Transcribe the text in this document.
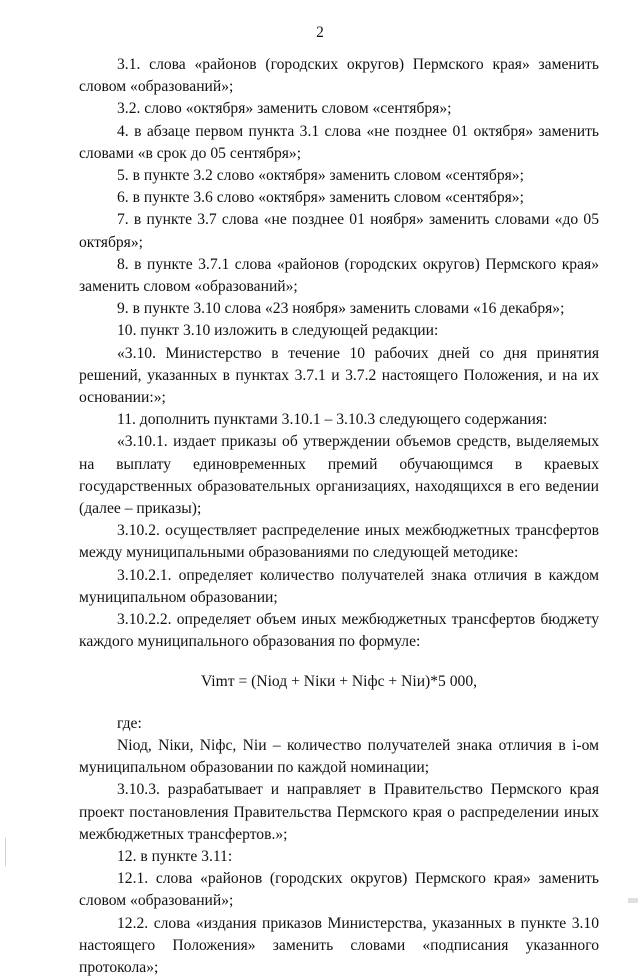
2

3.1. слова «районов (городских округов) Пермского края» заменить словом «образований»;

3.2. слово «октября» заменить словом «сентября»;

4. в абзаце первом пункта 3.1 слова «не позднее 01 октября» заменить словами «в срок до 05 сентября»;

5. в пункте 3.2 слово «октября» заменить словом «сентября»;

6. в пункте 3.6 слово «октября» заменить словом «сентября»;

7. в пункте 3.7 слова «не позднее 01 ноября» заменить словами «до 05 октября»;

8. в пункте 3.7.1 слова «районов (городских округов) Пермского края» заменить словом «образований»;

9. в пункте 3.10 слова «23 ноября» заменить словами «16 декабря»;

10. пункт 3.10 изложить в следующей редакции:

«3.10. Министерство в течение 10 рабочих дней со дня принятия решений, указанных в пунктах 3.7.1 и 3.7.2 настоящего Положения, и на их основании:»;

11. дополнить пунктами 3.10.1 – 3.10.3 следующего содержания:

«3.10.1. издает приказы об утверждении объемов средств, выделяемых на выплату единовременных премий обучающимся в краевых государственных образовательных организациях, находящихся в его ведении (далее – приказы);

3.10.2. осуществляет распределение иных межбюджетных трансфертов между муниципальными образованиями по следующей методике:

3.10.2.1. определяет количество получателей знака отличия в каждом муниципальном образовании;

3.10.2.2. определяет объем иных межбюджетных трансфертов бюджету каждого муниципального образования по формуле:

Vimт = (Niод + Niки + Niфс + Niи)*5 000,

где:

Niод, Niки, Niфс, Niи – количество получателей знака отличия в i-ом муниципальном образовании по каждой номинации;

3.10.3. разрабатывает и направляет в Правительство Пермского края проект постановления Правительства Пермского края о распределении иных межбюджетных трансфертов.»;

12. в пункте 3.11:

12.1. слова «районов (городских округов) Пермского края» заменить словом «образований»;

12.2. слова «издания приказов Министерства, указанных в пункте 3.10 настоящего Положения» заменить словами «подписания указанного протокола»;
